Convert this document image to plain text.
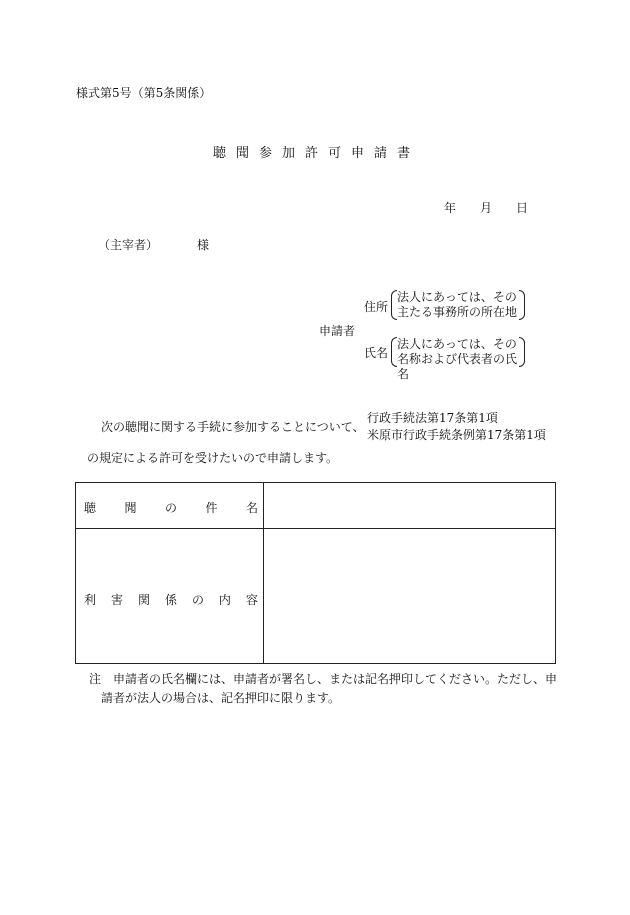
様式第5号（第5条関係）
聴聞参加許可申請書
年 月 日
（主宰者）	様
申請者
住所
法人にあっては、その
主たる事務所の所在地
氏名
法人にあっては、その
名称および代表者の氏名
次の聴聞に関する手続に参加することについて、
行政手続法第17条第1項
米原市行政手続条例第17条第1項
の規定による許可を受けたいので申請します。
聴 聞 の 件 名
利 害 関 係 の 内 容
注　申請者の氏名欄には、申請者が署名し、または記名押印してください。ただし、申
請者が法人の場合は、記名押印に限ります。
